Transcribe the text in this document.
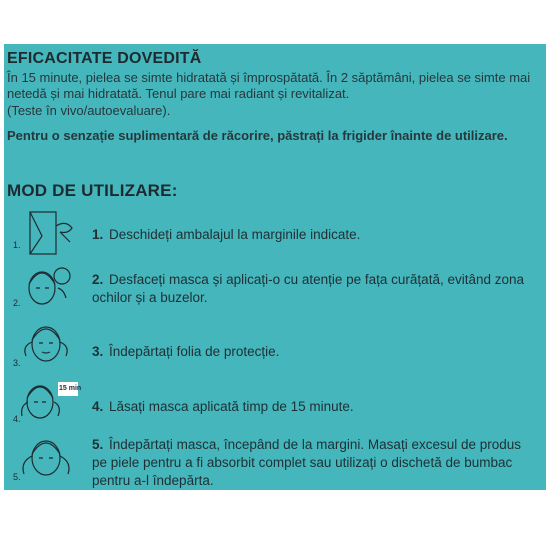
EFICACITATE DOVEDITĂ

În 15 minute, pielea se simte hidratată și împrospătată. În 2 săptămâni, pielea se simte mai netedă și mai hidratată. Tenul pare mai radiant și revitalizat.

(Teste în vivo/autoevaluare).

Pentru o senzație suplimentară de răcorire, păstrați la frigider înainte de utilizare.

MOD DE UTILIZARE:
1.

1. Deschideți ambalajul la marginile indicate.

2.

2. Desfaceți masca și aplicați-o cu atenție pe fața curățată, evitând zona ochilor și a buzelor.

3.

3. Îndepărtați folia de protecție.

15 min
4.

4. Lăsați masca aplicată timp de 15 minute.

5.

5. Îndepărtați masca, începând de la margini. Masați excesul de produs pe piele pentru a fi absorbit complet sau utilizați o dischetă de bumbac pentru a-l îndepărta.
